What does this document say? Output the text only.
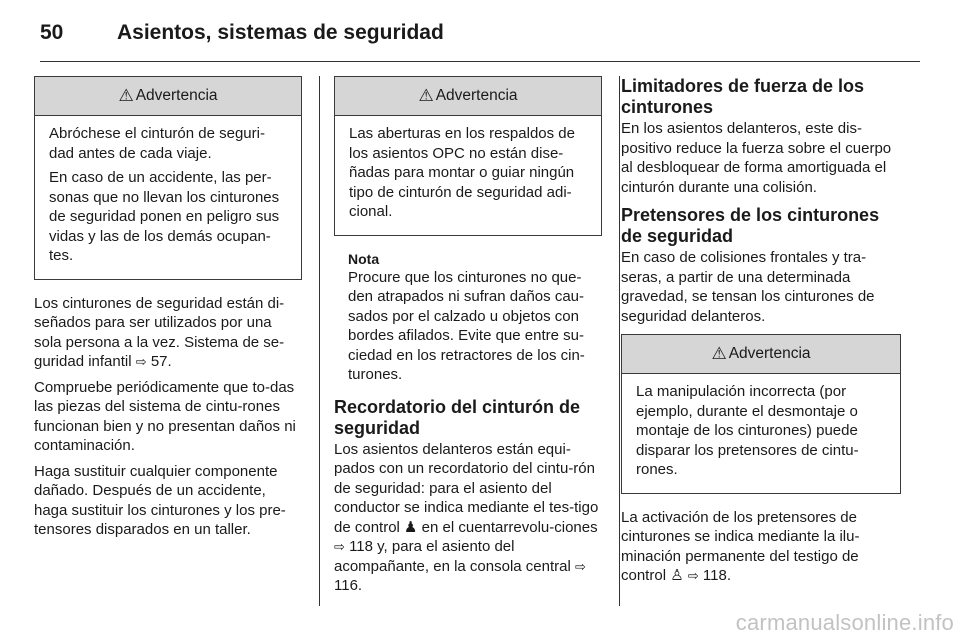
50	Asientos, sistemas de seguridad
⚠ Advertencia

Abróchese el cinturón de seguri-dad antes de cada viaje.

En caso de un accidente, las per-sonas que no llevan los cinturones de seguridad ponen en peligro sus vidas y las de los demás ocupan-tes.

Los cinturones de seguridad están di-señados para ser utilizados por una sola persona a la vez. Sistema de se-guridad infantil ⇨ 57.

Compruebe periódicamente que to-das las piezas del sistema de cintu-rones funcionan bien y no presentan daños ni contaminación.

Haga sustituir cualquier componente dañado. Después de un accidente, haga sustituir los cinturones y los pre-tensores disparados en un taller.

⚠ Advertencia

Las aberturas en los respaldos de los asientos OPC no están dise-ñadas para montar o guiar ningún tipo de cinturón de seguridad adi-cional.

Nota

Procure que los cinturones no que-den atrapados ni sufran daños cau-sados por el calzado u objetos con bordes afilados. Evite que entre su-ciedad en los retractores de los cin-turones.

Recordatorio del cinturón de seguridad

Los asientos delanteros están equi-pados con un recordatorio del cintu-rón de seguridad: para el asiento del conductor se indica mediante el tes-tigo de control ♟ en el cuentarrevolu-ciones ⇨ 118 y, para el asiento del acompañante, en la consola central ⇨ 116.

Limitadores de fuerza de los cinturones

En los asientos delanteros, este dis-positivo reduce la fuerza sobre el cuerpo al desbloquear de forma amortiguada el cinturón durante una colisión.

Pretensores de los cinturones de seguridad

En caso de colisiones frontales y tra-seras, a partir de una determinada gravedad, se tensan los cinturones de seguridad delanteros.

⚠ Advertencia

La manipulación incorrecta (por ejemplo, durante el desmontaje o montaje de los cinturones) puede disparar los pretensores de cintu-rones.

La activación de los pretensores de cinturones se indica mediante la ilu-minación permanente del testigo de control ♙ ⇨ 118.

carmanualsonline.info
